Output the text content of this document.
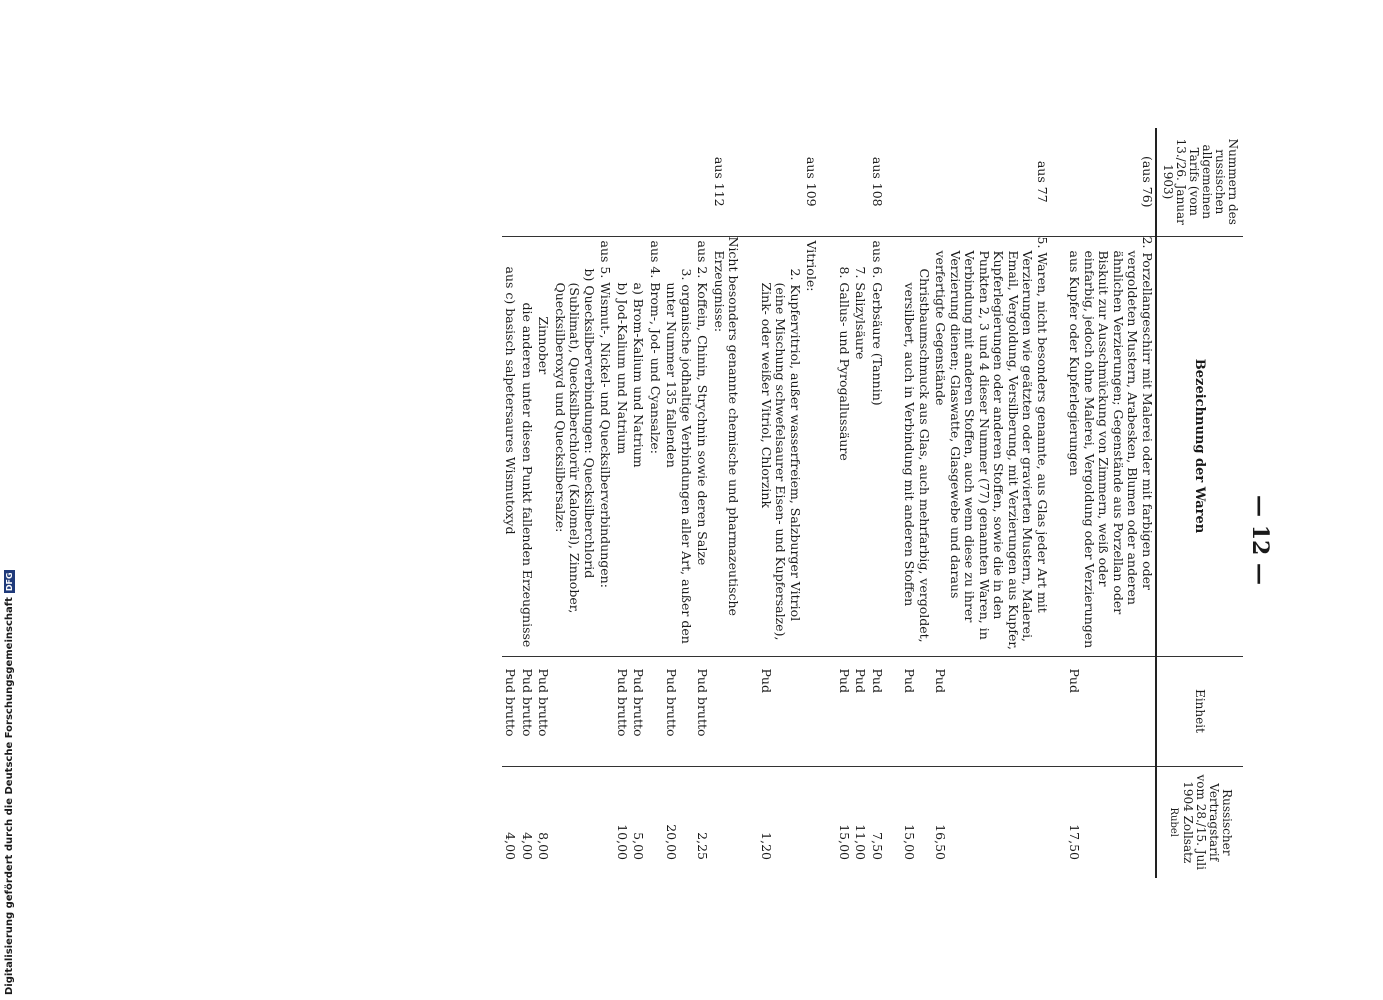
— 12 —
Nummern des russischen allgemeinen Tarifs (vom 13./26. Januar 1903)	Bezeichnung der Waren	Einheit	Russischer Vertragstarif vom 28./15. Juli 1904 Zollsatz
Rubel
(aus 76)	2. Porzellangeschirr mit Malerei oder mit farbigen oder vergoldeten Mustern, Arabesken, Blumen oder anderen ähnlichen Verzierungen; Gegenstände aus Porzellan oder Biskuit zur Ausschmückung von Zimmern, weiß oder einfarbig, jedoch ohne Malerei, Vergoldung oder Verzierungen aus Kupfer oder Kupferlegierungen	Pud	17,50

aus 77	5. Waren, nicht besonders genannte, aus Glas jeder Art mit Verzierungen wie geätzten oder gravierten Mustern, Malerei, Email, Vergoldung, Versilberung, mit Verzierungen aus Kupfer, Kupferlegierungen oder anderen Stoffen, sowie die in den Punkten 2, 3 und 4 dieser Nummer (77) genannten Waren, in Verbindung mit anderen Stoffen, auch wenn diese zu ihrer Verzierung dienen; Glaswatte, Glasgewebe und daraus verfertigte Gegenstände	Pud	16,50
	Christbaumschmuck aus Glas, auch mehrfarbig, vergoldet, versilbert, auch in Verbindung mit anderen Stoffen	Pud	15,00

aus 108	aus 6. Gerbsäure (Tannin)	Pud	7,50
	7. Salizylsäure	Pud	11,00
	8. Gallus- und Pyrogallussäure	Pud	15,00

aus 109	Vitriole:		
	2. Kupfervitriol, außer wasserfreiem, Salzburger Vitriol (eine Mischung schwefelsaurer Eisen- und Kupfersalze), Zink- oder weißer Vitriol, Chlorzink	Pud	1,20

aus 112	Nicht besonders genannte chemische und pharmazeutische Erzeugnisse:		
	aus 2. Koffein, Chinin, Strychnin sowie deren Salze	Pud brutto	2,25
	3. organische jodhaltige Verbindungen aller Art, außer den unter Nummer 135 fallenden	Pud brutto	20,00
	aus 4. Brom-, Jod- und Cyansalze:		
	a) Brom-Kalium und Natrium	Pud brutto	5,00
	b) Jod-Kalium und Natrium	Pud brutto	10,00
	aus 5. Wismut-, Nickel- und Quecksilberverbindungen:		
	b) Quecksilberverbindungen: Quecksilberchlorid (Sublimat), Quecksilberchlorür (Kalomel), Zinnober, Quecksilberoxyd und Quecksilbersalze:		
	Zinnober	Pud brutto	8,00
	die anderen unter diesen Punkt fallenden Erzeugnisse	Pud brutto	4,00
	aus c) basisch salpetersaures Wismutoxyd	Pud brutto	4,00
Digitalisierung gefördert durch die Deutsche Forschungsgemeinschaft
DFG
